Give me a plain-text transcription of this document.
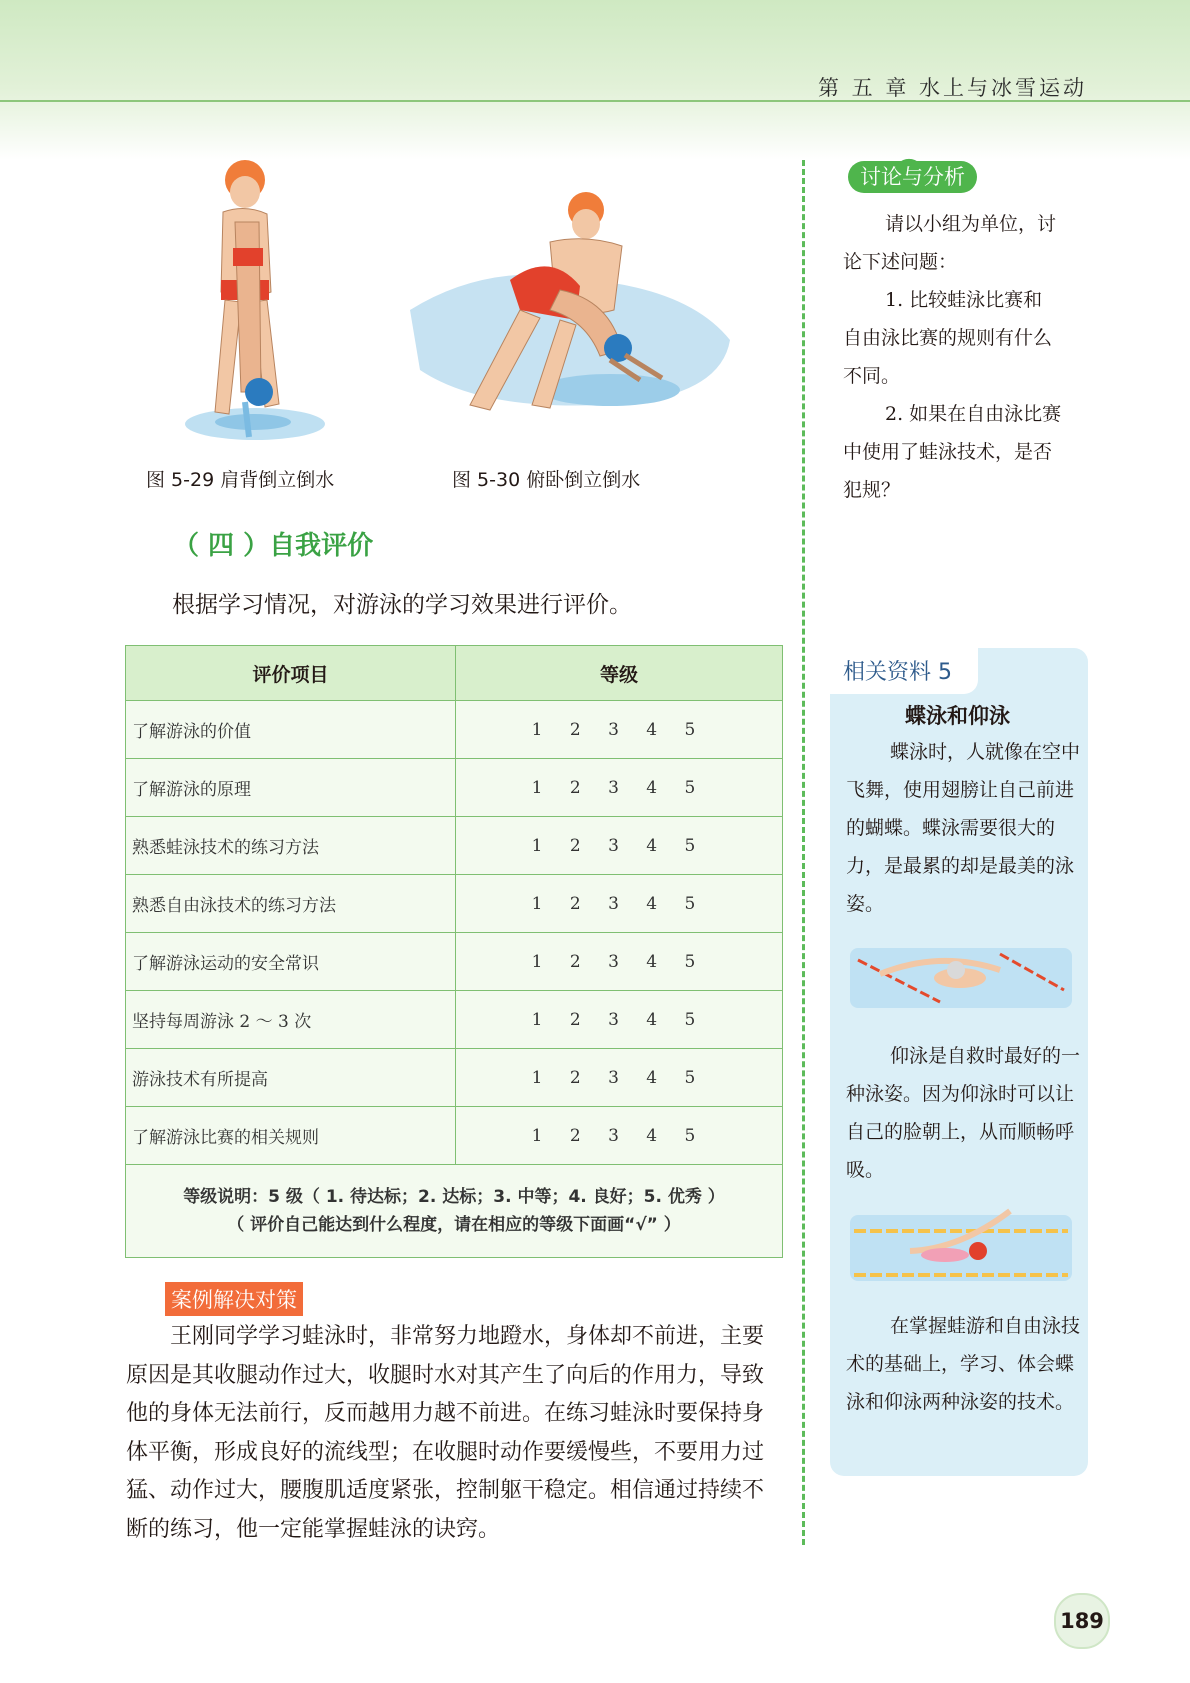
第 五 章 水上与冰雪运动
图 5-29 肩背倒立倒水	图 5-30 俯卧倒立倒水
（ 四 ）自我评价
根据学习情况，对游泳的学习效果进行评价。
评价项目	等级
了解游泳的价值	1 2 3 4 5
了解游泳的原理	1 2 3 4 5
熟悉蛙泳技术的练习方法	1 2 3 4 5
熟悉自由泳技术的练习方法	1 2 3 4 5
了解游泳运动的安全常识	1 2 3 4 5
坚持每周游泳 2 ～ 3 次	1 2 3 4 5
游泳技术有所提高	1 2 3 4 5
了解游泳比赛的相关规则	1 2 3 4 5

等级说明：5 级（ 1. 待达标；2. 达标；3. 中等；4. 良好；5. 优秀 ）
（ 评价自己能达到什么程度，请在相应的等级下面画“√” ）	
案例解决对策
王刚同学学习蛙泳时，非常努力地蹬水，身体却不前进，主要原因是其收腿动作过大，收腿时水对其产生了向后的作用力，导致他的身体无法前行，反而越用力越不前进。在练习蛙泳时要保持身体平衡，形成良好的流线型；在收腿时动作要缓慢些，不要用力过猛、动作过大，腰腹肌适度紧张，控制躯干稳定。相信通过持续不断的练习，他一定能掌握蛙泳的诀窍。
讨论与分析

请以小组为单位，讨

论下述问题：

1. 比较蛙泳比赛和

自由泳比赛的规则有什么

不同。

2. 如果在自由泳比赛

中使用了蛙泳技术，是否

犯规？

相关资料 5
蝶泳和仰泳

蝶泳时，人就像在空中飞舞，使用翅膀让自己前进的蝴蝶。蝶泳需要很大的力，是最累的却是最美的泳姿。

仰泳是自救时最好的一种泳姿。因为仰泳时可以让自己的脸朝上，从而顺畅呼吸。

在掌握蛙游和自由泳技术的基础上，学习、体会蝶泳和仰泳两种泳姿的技术。

189
